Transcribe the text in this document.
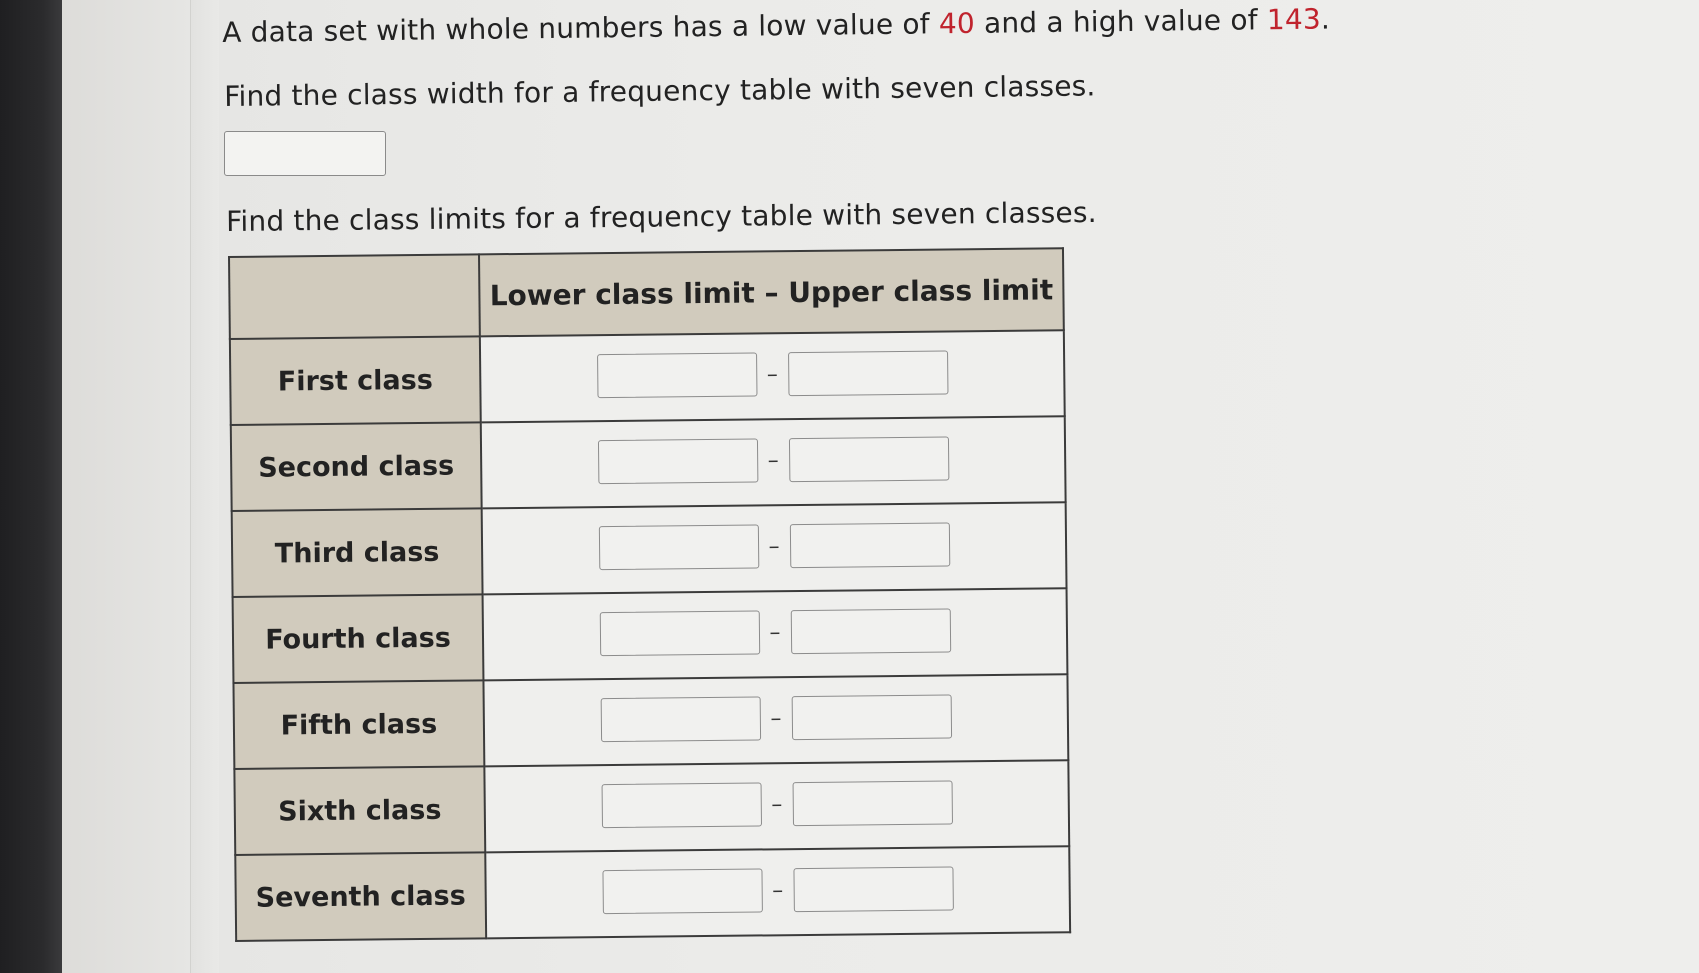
A data set with whole numbers has a low value of 40 and a high value of 143.
Find the class width for a frequency table with seven classes.
Find the class limits for a frequency table with seven classes.
	Lower class limit – Upper class limit
First class	–

Second class	–

Third class	–

Fourth class	–

Fifth class	–

Sixth class	–

Seventh class	–
